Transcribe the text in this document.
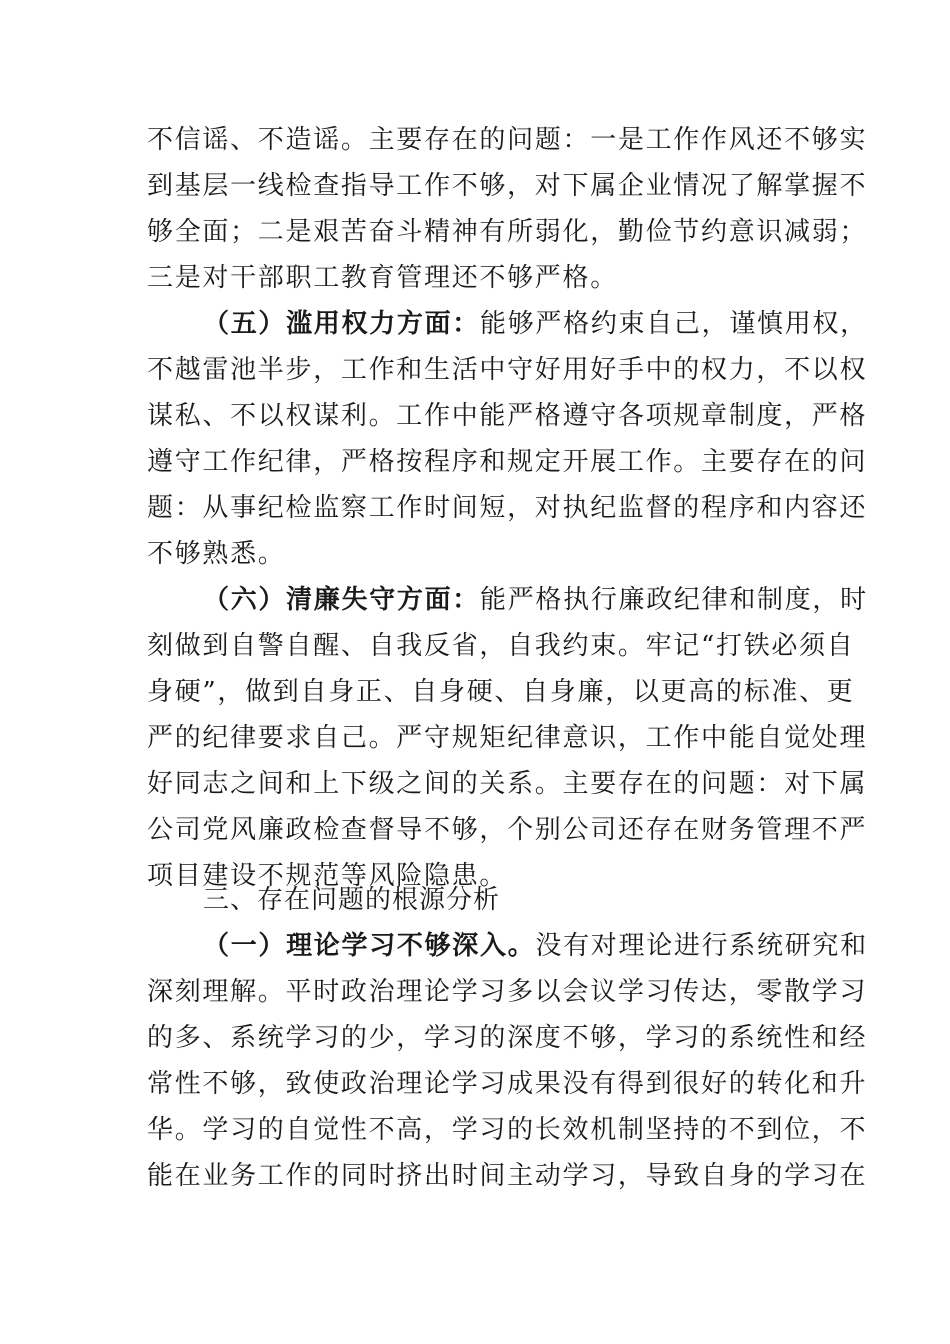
不信谣、不造谣。主要存在的问题：一是工作作风还不够实
到基层一线检查指导工作不够，对下属企业情况了解掌握不
够全面；二是艰苦奋斗精神有所弱化，勤俭节约意识减弱；
三是对干部职工教育管理还不够严格。
（五）滥用权力方面：能够严格约束自己，谨慎用权，
不越雷池半步，工作和生活中守好用好手中的权力，不以权
谋私、不以权谋利。工作中能严格遵守各项规章制度，严格
遵守工作纪律，严格按程序和规定开展工作。主要存在的问
题：从事纪检监察工作时间短，对执纪监督的程序和内容还
不够熟悉。
（六）清廉失守方面：能严格执行廉政纪律和制度，时
刻做到自警自醒、自我反省，自我约束。牢记“打铁必须自
身硬”，做到自身正、自身硬、自身廉，以更高的标准、更
严的纪律要求自己。严守规矩纪律意识，工作中能自觉处理
好同志之间和上下级之间的关系。主要存在的问题：对下属
公司党风廉政检查督导不够，个别公司还存在财务管理不严
项目建设不规范等风险隐患。
三、存在问题的根源分析
（一）理论学习不够深入。没有对理论进行系统研究和
深刻理解。平时政治理论学习多以会议学习传达，零散学习
的多、系统学习的少，学习的深度不够，学习的系统性和经
常性不够，致使政治理论学习成果没有得到很好的转化和升
华。学习的自觉性不高，学习的长效机制坚持的不到位，不
能在业务工作的同时挤出时间主动学习，导致自身的学习在
